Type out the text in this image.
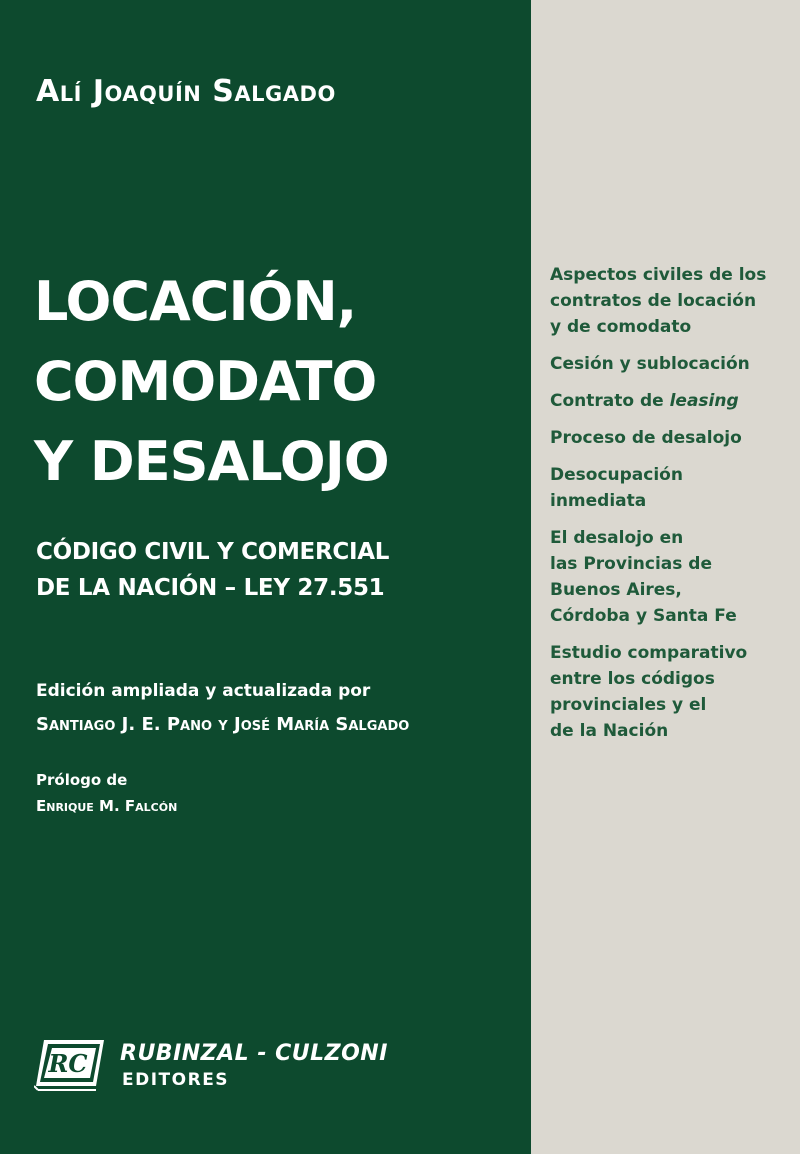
Alí Joaquín Salgado
LOCACIÓN,
COMODATO
Y DESALOJO
CÓDIGO CIVIL Y COMERCIAL
DE LA NACIÓN – LEY 27.551
Edición ampliada y actualizada por
Santiago J. E. Pano y José María Salgado
Prólogo de
Enrique M. Falcón
RC RUBINZAL - CULZONI

EDITORES

Aspectos civiles de los
contratos de locación
y de comodato
Cesión y sublocación
Contrato de leasing
Proceso de desalojo
Desocupación
inmediata
El desalojo en
las Provincias de
Buenos Aires,
Córdoba y Santa Fe
Estudio comparativo
entre los códigos
provinciales y el
de la Nación
